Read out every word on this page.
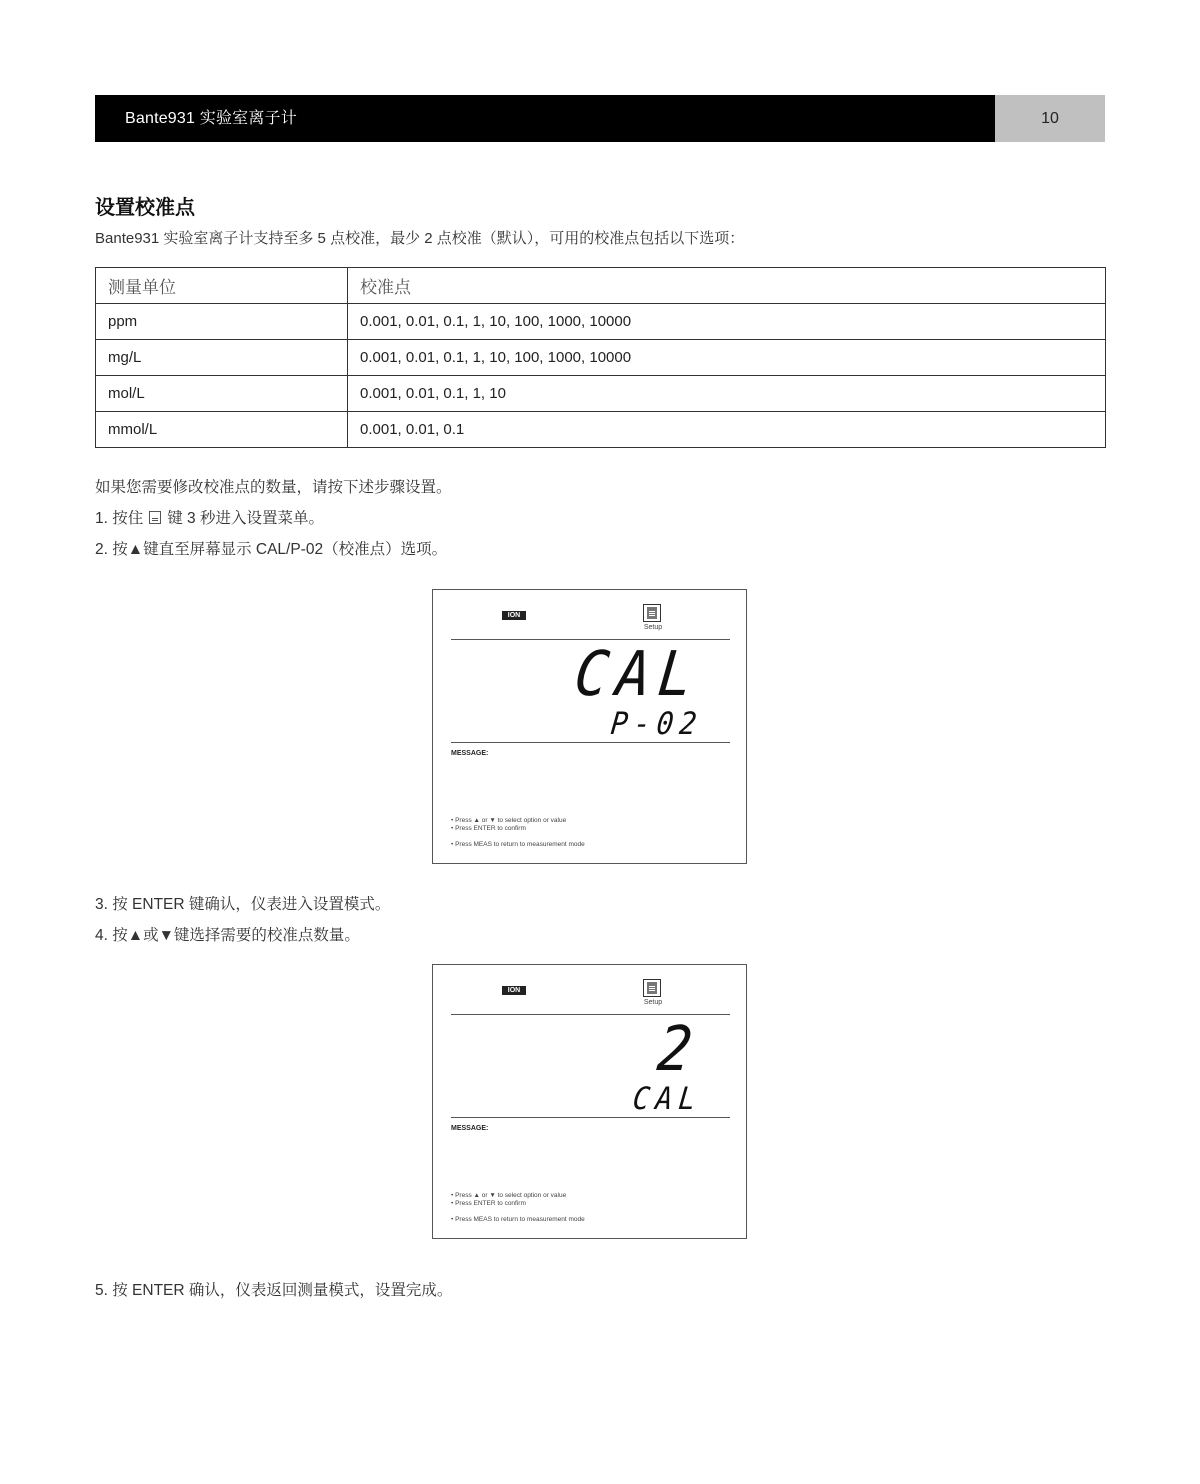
Bante931 实验室离子计	10
设置校准点
Bante931 实验室离子计支持至多 5 点校准，最少 2 点校准（默认），可用的校准点包括以下选项：
测量单位	校准点
ppm	0.001, 0.01, 0.1, 1, 10, 100, 1000, 10000
mg/L	0.001, 0.01, 0.1, 1, 10, 100, 1000, 10000
mol/L	0.001, 0.01, 0.1, 1, 10
mmol/L	0.001, 0.01, 0.1
如果您需要修改校准点的数量，请按下述步骤设置。
1. 按住 键 3 秒进入设置菜单。
2. 按▲键直至屏幕显示 CAL/P-02（校准点）选项。
ION
Setup
CAL
P-02
MESSAGE:
• Press ▲ or ▼ to select option or value
• Press ENTER to confirm
• Press MEAS to return to measurement mode
3. 按 ENTER 键确认，仪表进入设置模式。
4. 按▲或▼键选择需要的校准点数量。
ION
Setup
2
CAL
MESSAGE:
• Press ▲ or ▼ to select option or value
• Press ENTER to confirm
• Press MEAS to return to measurement mode
5. 按 ENTER 确认，仪表返回测量模式，设置完成。
